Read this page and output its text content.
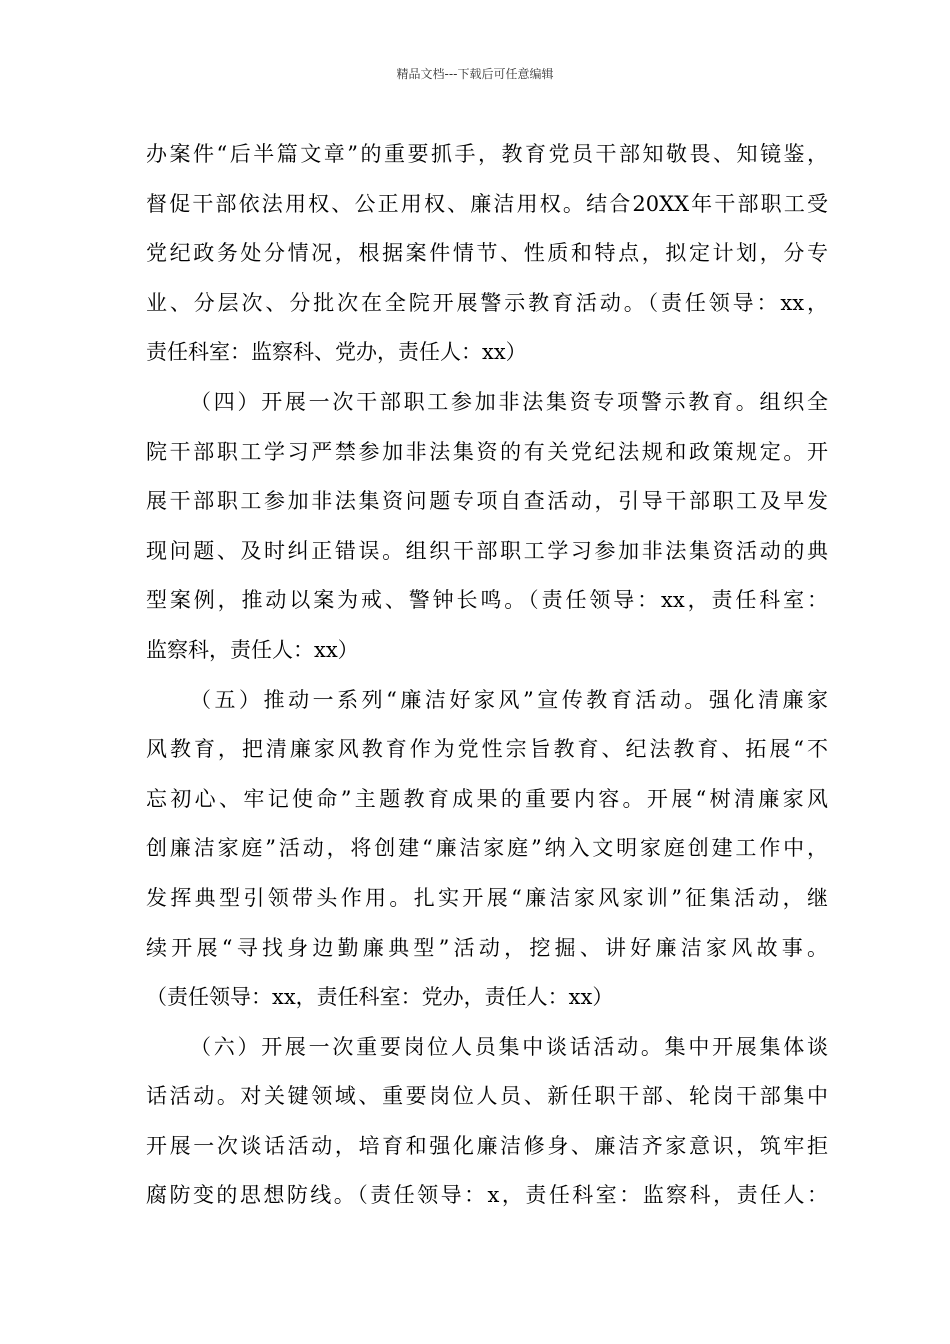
精品文档---下载后可任意编辑
办案件“后半篇文章”的重要抓手，教育党员干部知敬畏、知镜鉴，
督促干部依法用权、公正用权、廉洁用权。结合20XX年干部职工受
党纪政务处分情况，根据案件情节、性质和特点，拟定计划，分专
业、分层次、分批次在全院开展警示教育活动。（责任领导：xx，
责任科室：监察科、党办，责任人：xx）
（四）开展一次干部职工参加非法集资专项警示教育。组织全
院干部职工学习严禁参加非法集资的有关党纪法规和政策规定。开
展干部职工参加非法集资问题专项自查活动，引导干部职工及早发
现问题、及时纠正错误。组织干部职工学习参加非法集资活动的典
型案例，推动以案为戒、警钟长鸣。（责任领导：xx，责任科室：
监察科，责任人：xx）
（五）推动一系列“廉洁好家风”宣传教育活动。强化清廉家
风教育，把清廉家风教育作为党性宗旨教育、纪法教育、拓展“不
忘初心、牢记使命”主题教育成果的重要内容。开展“树清廉家风
创廉洁家庭”活动，将创建“廉洁家庭”纳入文明家庭创建工作中，
发挥典型引领带头作用。扎实开展“廉洁家风家训”征集活动，继
续开展“寻找身边勤廉典型”活动，挖掘、讲好廉洁家风故事。
（责任领导：xx，责任科室：党办，责任人：xx）
（六）开展一次重要岗位人员集中谈话活动。集中开展集体谈
话活动。对关键领域、重要岗位人员、新任职干部、轮岗干部集中
开展一次谈话活动，培育和强化廉洁修身、廉洁齐家意识，筑牢拒
腐防变的思想防线。（责任领导：x，责任科室：监察科，责任人：
